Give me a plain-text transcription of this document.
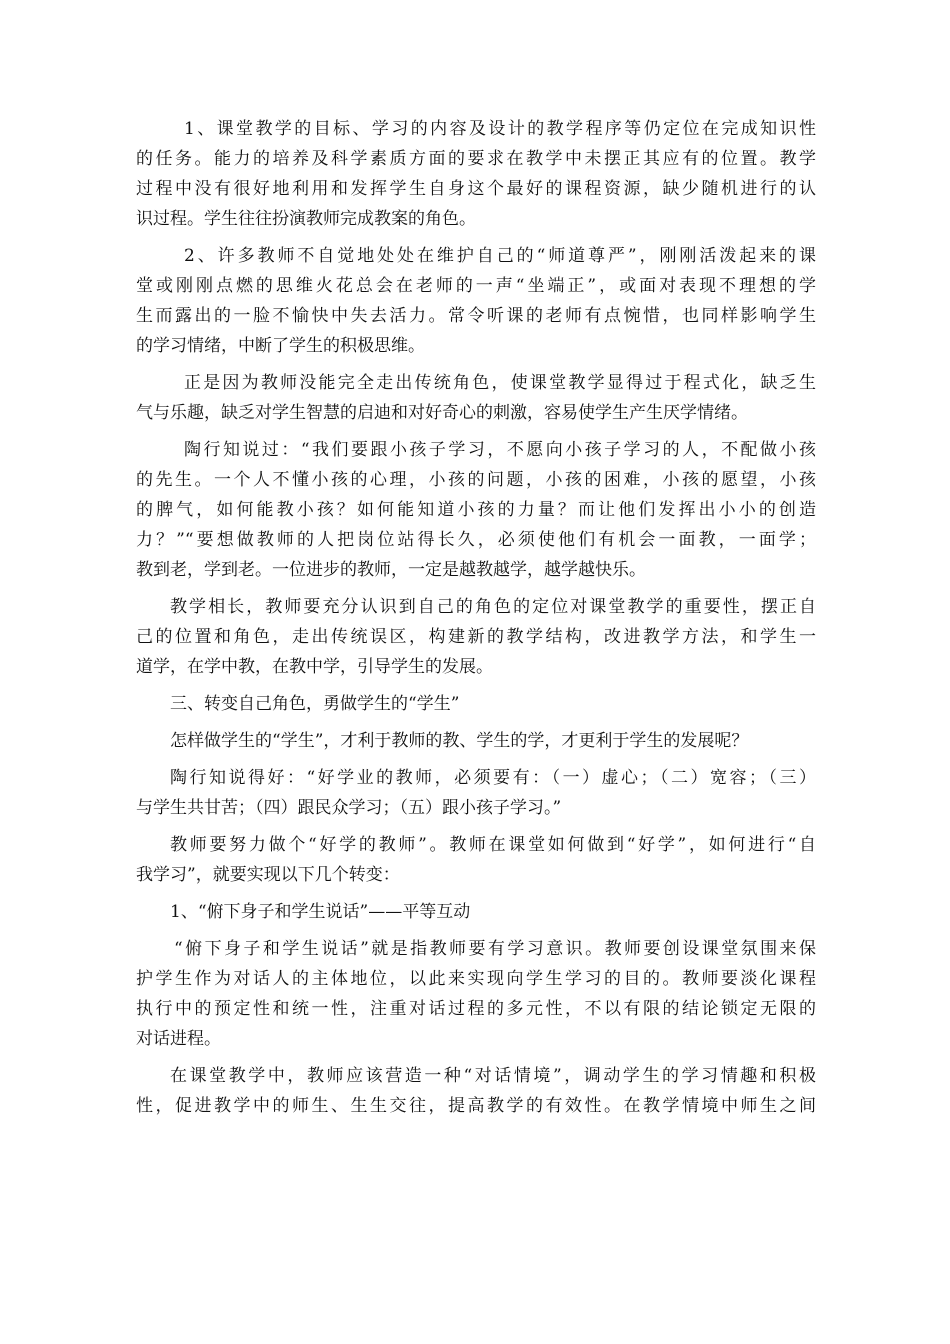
1、课堂教学的目标、学习的内容及设计的教学程序等仍定位在完成知识性
的任务。能力的培养及科学素质方面的要求在教学中未摆正其应有的位置。教学
过程中没有很好地利用和发挥学生自身这个最好的课程资源，缺少随机进行的认
识过程。学生往往扮演教师完成教案的角色。
2、许多教师不自觉地处处在维护自己的“师道尊严”，刚刚活泼起来的课
堂或刚刚点燃的思维火花总会在老师的一声“坐端正”，或面对表现不理想的学
生而露出的一脸不愉快中失去活力。常令听课的老师有点惋惜，也同样影响学生
的学习情绪，中断了学生的积极思维。
正是因为教师没能完全走出传统角色，使课堂教学显得过于程式化，缺乏生
气与乐趣，缺乏对学生智慧的启迪和对好奇心的刺激，容易使学生产生厌学情绪。
陶行知说过：“我们要跟小孩子学习，不愿向小孩子学习的人，不配做小孩
的先生。一个人不懂小孩的心理，小孩的问题，小孩的困难，小孩的愿望，小孩
的脾气，如何能教小孩？如何能知道小孩的力量？而让他们发挥出小小的创造
力？”“要想做教师的人把岗位站得长久，必须使他们有机会一面教，一面学；
教到老，学到老。一位进步的教师，一定是越教越学，越学越快乐。
教学相长，教师要充分认识到自己的角色的定位对课堂教学的重要性，摆正自
己的位置和角色，走出传统误区，构建新的教学结构，改进教学方法，和学生一
道学，在学中教，在教中学，引导学生的发展。
三、转变自己角色，勇做学生的“学生”
怎样做学生的“学生”，才利于教师的教、学生的学，才更利于学生的发展呢？
陶行知说得好：“好学业的教师，必须要有：（一）虚心；（二）宽容；（三）
与学生共甘苦；（四）跟民众学习；（五）跟小孩子学习。”
教师要努力做个“好学的教师”。教师在课堂如何做到“好学”，如何进行“自
我学习”，就要实现以下几个转变：
1、“俯下身子和学生说话”——平等互动
“俯下身子和学生说话”就是指教师要有学习意识。教师要创设课堂氛围来保
护学生作为对话人的主体地位，以此来实现向学生学习的目的。教师要淡化课程
执行中的预定性和统一性，注重对话过程的多元性，不以有限的结论锁定无限的
对话进程。
在课堂教学中，教师应该营造一种“对话情境”，调动学生的学习情趣和积极
性，促进教学中的师生、生生交往，提高教学的有效性。在教学情境中师生之间
